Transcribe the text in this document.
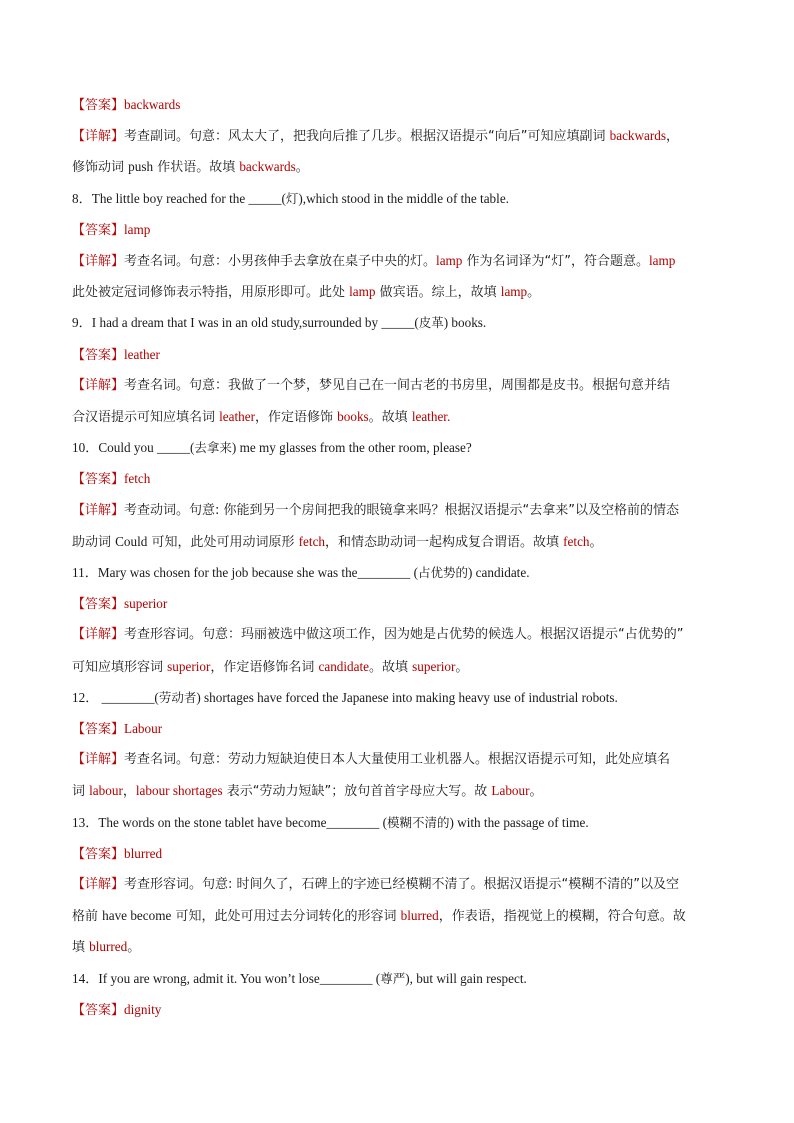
【答案】backwards
【详解】考查副词。句意：风太大了，把我向后推了几步。根据汉语提示“向后”可知应填副词 backwards，
修饰动词 push 作状语。故填 backwards。
8．The little boy reached for the _____(灯),which stood in the middle of the table.
【答案】lamp
【详解】考查名词。句意：小男孩伸手去拿放在桌子中央的灯。lamp 作为名词译为“灯”，符合题意。lamp
此处被定冠词修饰表示特指，用原形即可。此处 lamp 做宾语。综上，故填 lamp。
9．I had a dream that I was in an old study,surrounded by _____(皮革) books.
【答案】leather
【详解】考查名词。句意：我做了一个梦，梦见自己在一间古老的书房里，周围都是皮书。根据句意并结
合汉语提示可知应填名词 leather，作定语修饰 books。故填 leather.
10．Could you _____(去拿来) me my glasses from the other room, please?
【答案】fetch
【详解】考查动词。句意: 你能到另一个房间把我的眼镜拿来吗？根据汉语提示“去拿来”以及空格前的情态
助动词 Could 可知，此处可用动词原形 fetch，和情态助动词一起构成复合谓语。故填 fetch。
11．Mary was chosen for the job because she was the________ (占优势的) candidate.
【答案】superior
【详解】考查形容词。句意：玛丽被选中做这项工作，因为她是占优势的候选人。根据汉语提示“占优势的”
可知应填形容词 superior，作定语修饰名词 candidate。故填 superior。
12． ________(劳动者) shortages have forced the Japanese into making heavy use of industrial robots.
【答案】Labour
【详解】考查名词。句意：劳动力短缺迫使日本人大量使用工业机器人。根据汉语提示可知，此处应填名
词 labour，labour shortages 表示“劳动力短缺”；放句首首字母应大写。故 Labour。
13．The words on the stone tablet have become________ (模糊不清的) with the passage of time.
【答案】blurred
【详解】考查形容词。句意: 时间久了，石碑上的字迹已经模糊不清了。根据汉语提示“模糊不清的”以及空
格前 have become 可知，此处可用过去分词转化的形容词 blurred，作表语，指视觉上的模糊，符合句意。故
填 blurred。
14．If you are wrong, admit it. You won’t lose________ (尊严), but will gain respect.
【答案】dignity
